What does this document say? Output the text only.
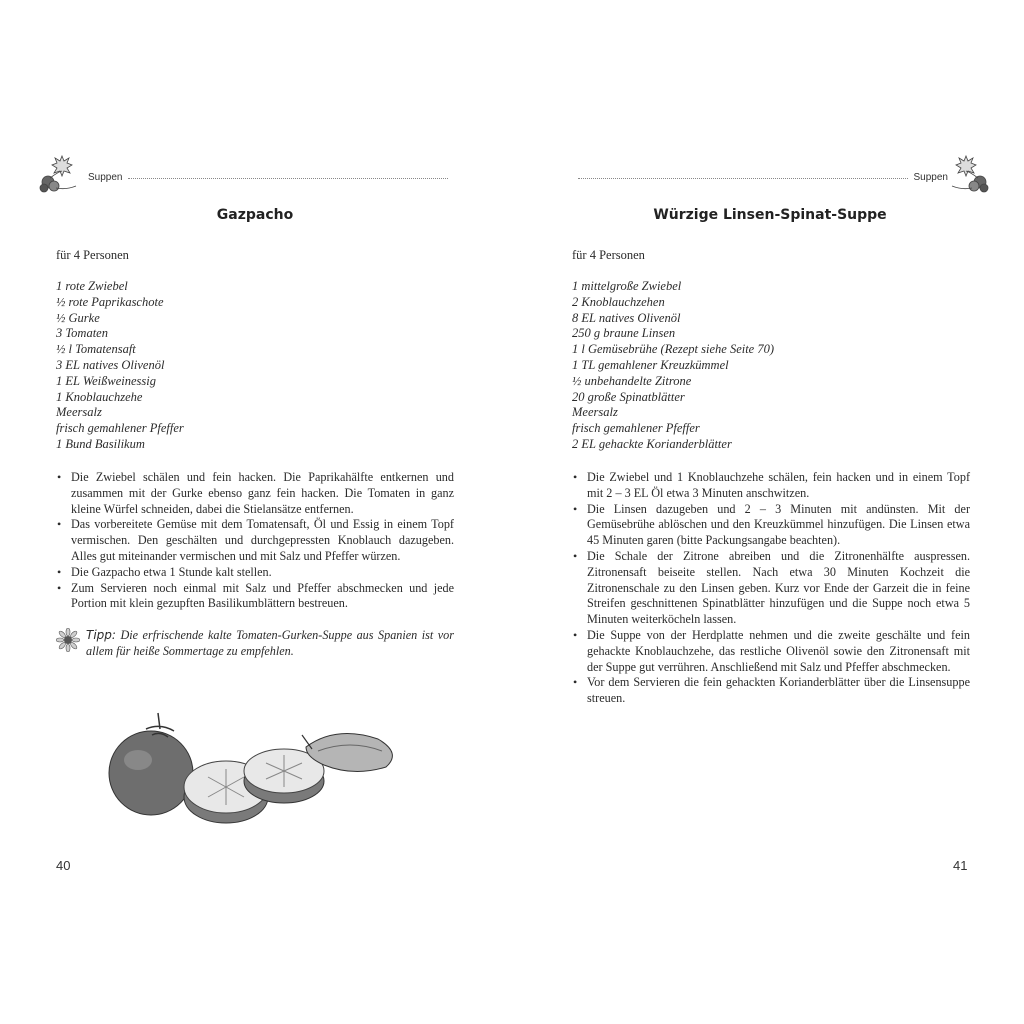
Suppen
Gazpacho
für 4 Personen
1 rote Zwiebel
½ rote Paprikaschote
½ Gurke
3 Tomaten
½ l Tomatensaft
3 EL natives Olivenöl
1 EL Weißweinessig
1 Knoblauchzehe
Meersalz
frisch gemahlener Pfeffer
1 Bund Basilikum
• Die Zwiebel schälen und fein hacken. Die Paprikahälfte entkernen und zusammen mit der Gurke ebenso ganz fein hacken. Die Tomaten in ganz kleine Würfel schneiden, dabei die Stielansätze entfernen.
• Das vorbereitete Gemüse mit dem Tomatensaft, Öl und Essig in einem Topf vermischen. Den geschälten und durchgepressten Knoblauch dazugeben. Alles gut miteinander vermischen und mit Salz und Pfeffer würzen.
• Die Gazpacho etwa 1 Stunde kalt stellen.
• Zum Servieren noch einmal mit Salz und Pfeffer abschmecken und jede Portion mit klein gezupften Basilikumblättern bestreuen.

Tipp: Die erfrischende kalte Tomaten-Gurken-Suppe aus Spanien ist vor allem für heiße Sommertage zu empfehlen.

40
Suppen
Würzige Linsen-Spinat-Suppe
für 4 Personen
1 mittelgroße Zwiebel
2 Knoblauchzehen
8 EL natives Olivenöl
250 g braune Linsen
1 l Gemüsebrühe (Rezept siehe Seite 70)
1 TL gemahlener Kreuzkümmel
½ unbehandelte Zitrone
20 große Spinatblätter
Meersalz
frisch gemahlener Pfeffer
2 EL gehackte Korianderblätter
• Die Zwiebel und 1 Knoblauchzehe schälen, fein hacken und in einem Topf mit 2 – 3 EL Öl etwa 3 Minuten anschwitzen.
• Die Linsen dazugeben und 2 – 3 Minuten mit andünsten. Mit der Gemüsebrühe ablöschen und den Kreuzkümmel hinzufügen. Die Linsen etwa 45 Minuten garen (bitte Packungsangabe beachten).
• Die Schale der Zitrone abreiben und die Zitronenhälfte auspressen. Zitronensaft beiseite stellen. Nach etwa 30 Minuten Kochzeit die Zitronenschale zu den Linsen geben. Kurz vor Ende der Garzeit die in feine Streifen geschnittenen Spinatblätter hinzufügen und die Suppe noch etwa 5 Minuten weiterköcheln lassen.
• Die Suppe von der Herdplatte nehmen und die zweite geschälte und fein gehackte Knoblauchzehe, das restliche Olivenöl sowie den Zitronensaft mit der Suppe gut verrühren. Anschließend mit Salz und Pfeffer abschmecken.
• Vor dem Servieren die fein gehackten Korianderblätter über die Linsensuppe streuen.
41
